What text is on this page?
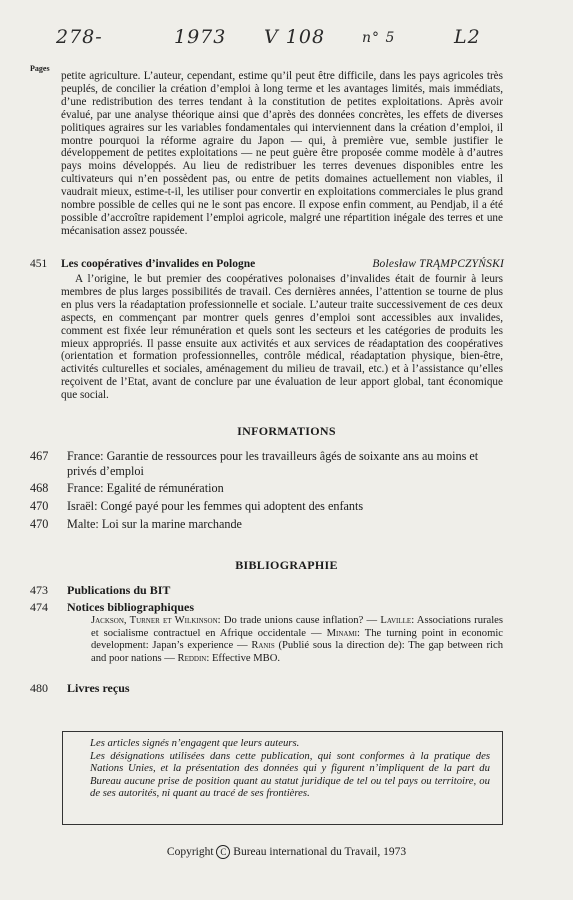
278-	1973 V 108	n° 5	L2
Pages
petite agriculture. L’auteur, cependant, estime qu’il peut être difficile, dans les pays agricoles très peuplés, de concilier la création d’emploi à long terme et les avantages limités, mais immédiats, d’une redistribution des terres tendant à la constitution de petites exploitations. Après avoir évalué, par une analyse théorique ainsi que d’après des données concrètes, les effets de diverses politiques agraires sur les variables fondamentales qui interviennent dans la création d’emploi, il montre pourquoi la réforme agraire du Japon — qui, à première vue, semble justifier le développement de petites exploitations — ne peut guère être proposée comme modèle à d’autres pays moins développés. Au lieu de redistribuer les terres devenues disponibles entre les cultivateurs qui n’en possèdent pas, ou entre de petits domaines actuellement non viables, il vaudrait mieux, estime-t-il, les utiliser pour convertir en exploitations commerciales le plus grand nombre possible de celles qui ne le sont pas encore. Il expose enfin comment, au Pendjab, il a été possible d’accroître rapidement l’emploi agricole, malgré une répartition inégale des terres et une mécanisation assez poussée.
451 Les coopératives d’invalides en Pologne	Bolesław TRĄMPCZYŃSKI
A l’origine, le but premier des coopératives polonaises d’invalides était de fournir à leurs membres de plus larges possibilités de travail. Ces dernières années, l’attention se tourne de plus en plus vers la réadaptation professionnelle et sociale. L’auteur traite successivement de ces deux aspects, en commençant par montrer quels genres d’emploi sont accessibles aux invalides, comment est fixée leur rémunération et quels sont les secteurs et les catégories de produits les mieux appropriés. Il passe ensuite aux activités et aux services de réadaptation des coopératives (orientation et formation professionnelles, contrôle médical, réadaptation physique, bien-être, activités culturelles et sociales, aménagement du milieu de travail, etc.) et à l’assistance qu’elles reçoivent de l’Etat, avant de conclure par une évaluation de leur apport global, tant économique que social.
INFORMATIONS
467 France: Garantie de ressources pour les travailleurs âgés de soixante ans au moins et privés d’emploi
468 France: Egalité de rémunération
470 Israël: Congé payé pour les femmes qui adoptent des enfants
470 Malte: Loi sur la marine marchande
BIBLIOGRAPHIE
473 Publications du BIT
474 Notices bibliographiques
Jackson, Turner et Wilkinson: Do trade unions cause inflation? — Laville: Associations rurales et socialisme contractuel en Afrique occidentale — Minami: The turning point in economic development: Japan’s experience — Ranis (Publié sous la direction de): The gap between rich and poor nations — Reddin: Effective MBO.
480 Livres reçus

Les articles signés n’engagent que leurs auteurs.

Les désignations utilisées dans cette publication, qui sont conformes à la pratique des Nations Unies, et la présentation des données qui y figurent n’impliquent de la part du Bureau aucune prise de position quant au statut juridique de tel ou tel pays ou territoire, ou de ses autorités, ni quant au tracé de ses frontières.

Copyright C Bureau international du Travail, 1973
